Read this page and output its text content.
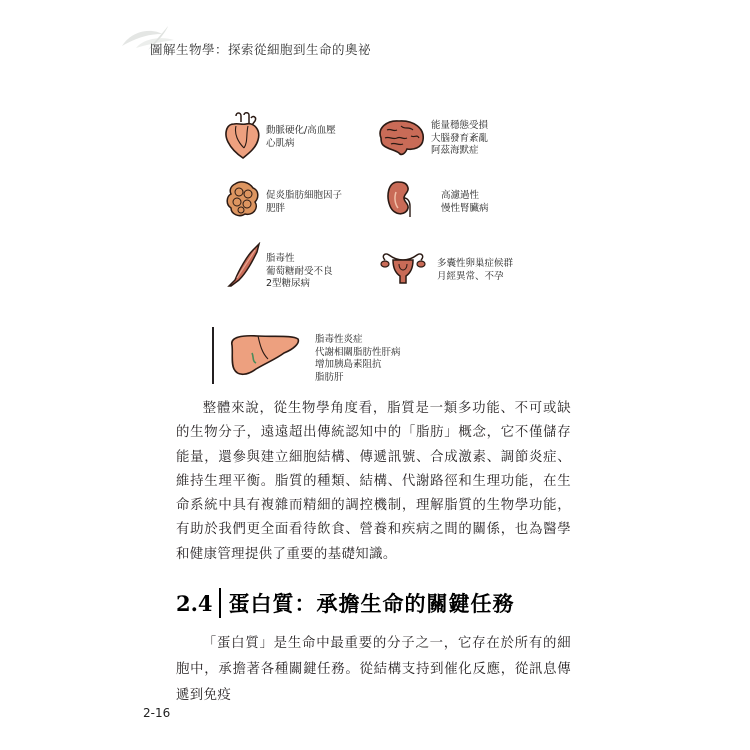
圖解生物學：探索從細胞到生命的奧祕
動脈硬化/高血壓
心肌病
能量穩態受損
大腦發育紊亂
阿茲海默症
促炎脂肪細胞因子
肥胖
高濾過性
慢性腎臟病
脂毒性
葡萄糖耐受不良
2型糖尿病
多囊性卵巢症候群
月經異常、不孕
脂毒性炎症
代謝相關脂肪性肝病
增加胰島素阻抗
脂肪肝

整體來說，從生物學角度看，脂質是一類多功能、不可或缺的生物分子，遠遠超出傳統認知中的「脂肪」概念，它不僅儲存能量，還參與建立細胞結構、傳遞訊號、合成激素、調節炎症、維持生理平衡。脂質的種類、結構、代謝路徑和生理功能，在生命系統中具有複雜而精細的調控機制，理解脂質的生物學功能，有助於我們更全面看待飲食、營養和疾病之間的關係，也為醫學和健康管理提供了重要的基礎知識。

2.4 蛋白質：承擔生命的關鍵任務

「蛋白質」是生命中最重要的分子之一，它存在於所有的細胞中，承擔著各種關鍵任務。從結構支持到催化反應，從訊息傳遞到免疫

2-16
